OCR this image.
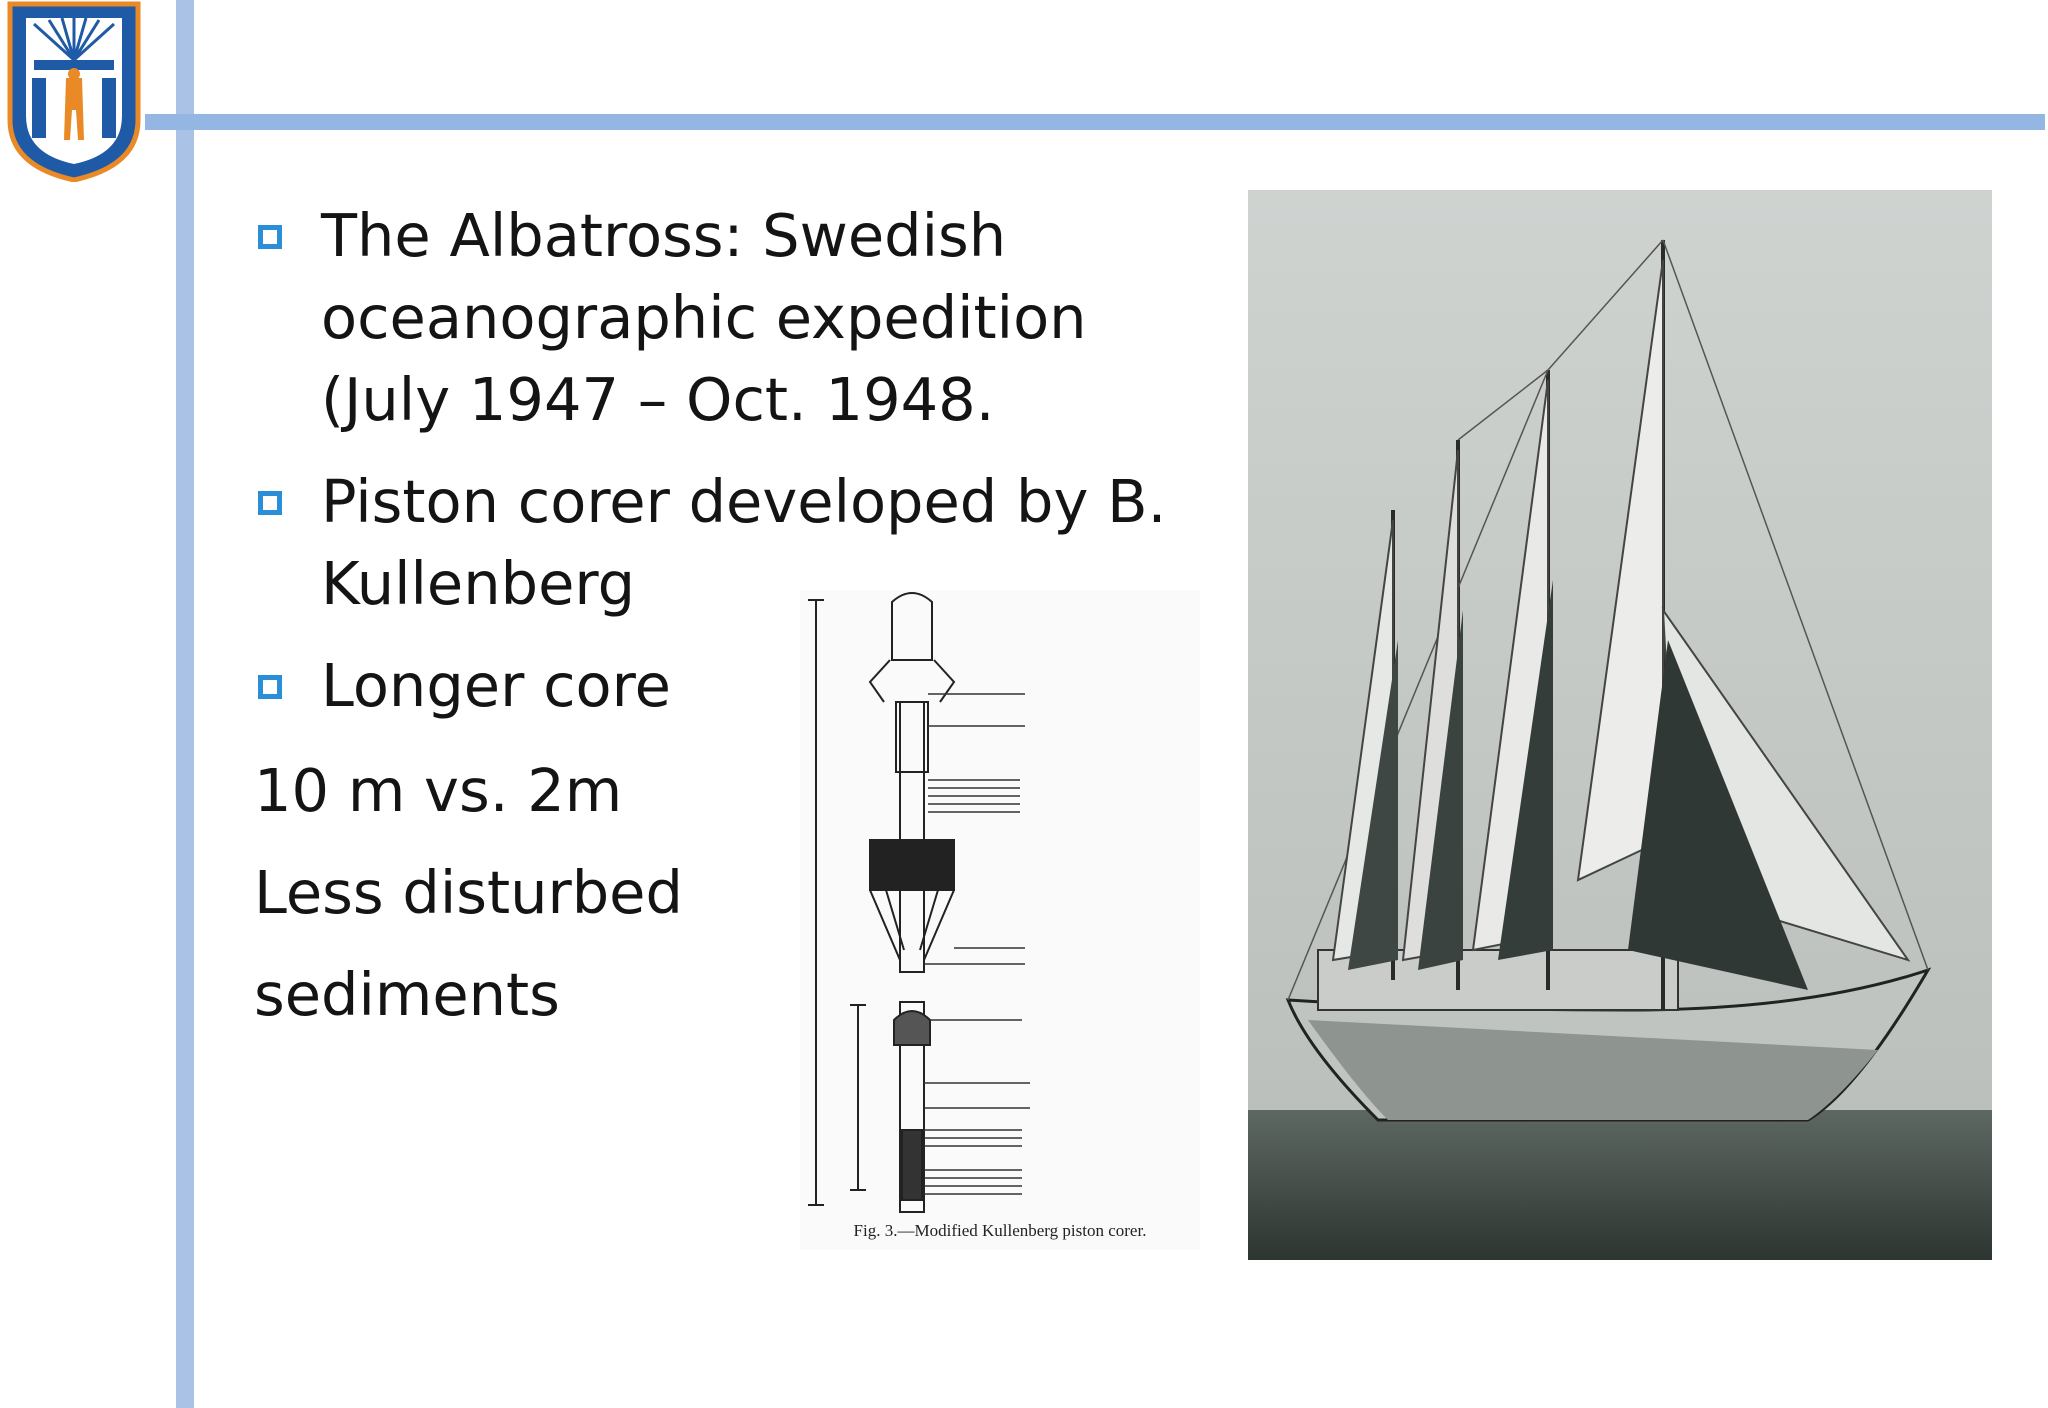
The Albatross: Swedish
oceanographic expedition
(July 1947 – Oct. 1948.
Piston corer developed by B.
Kullenberg
Longer core
10 m vs. 2m
Less disturbed
sediments
Fig. 3.—Modified Kullenberg piston corer.
